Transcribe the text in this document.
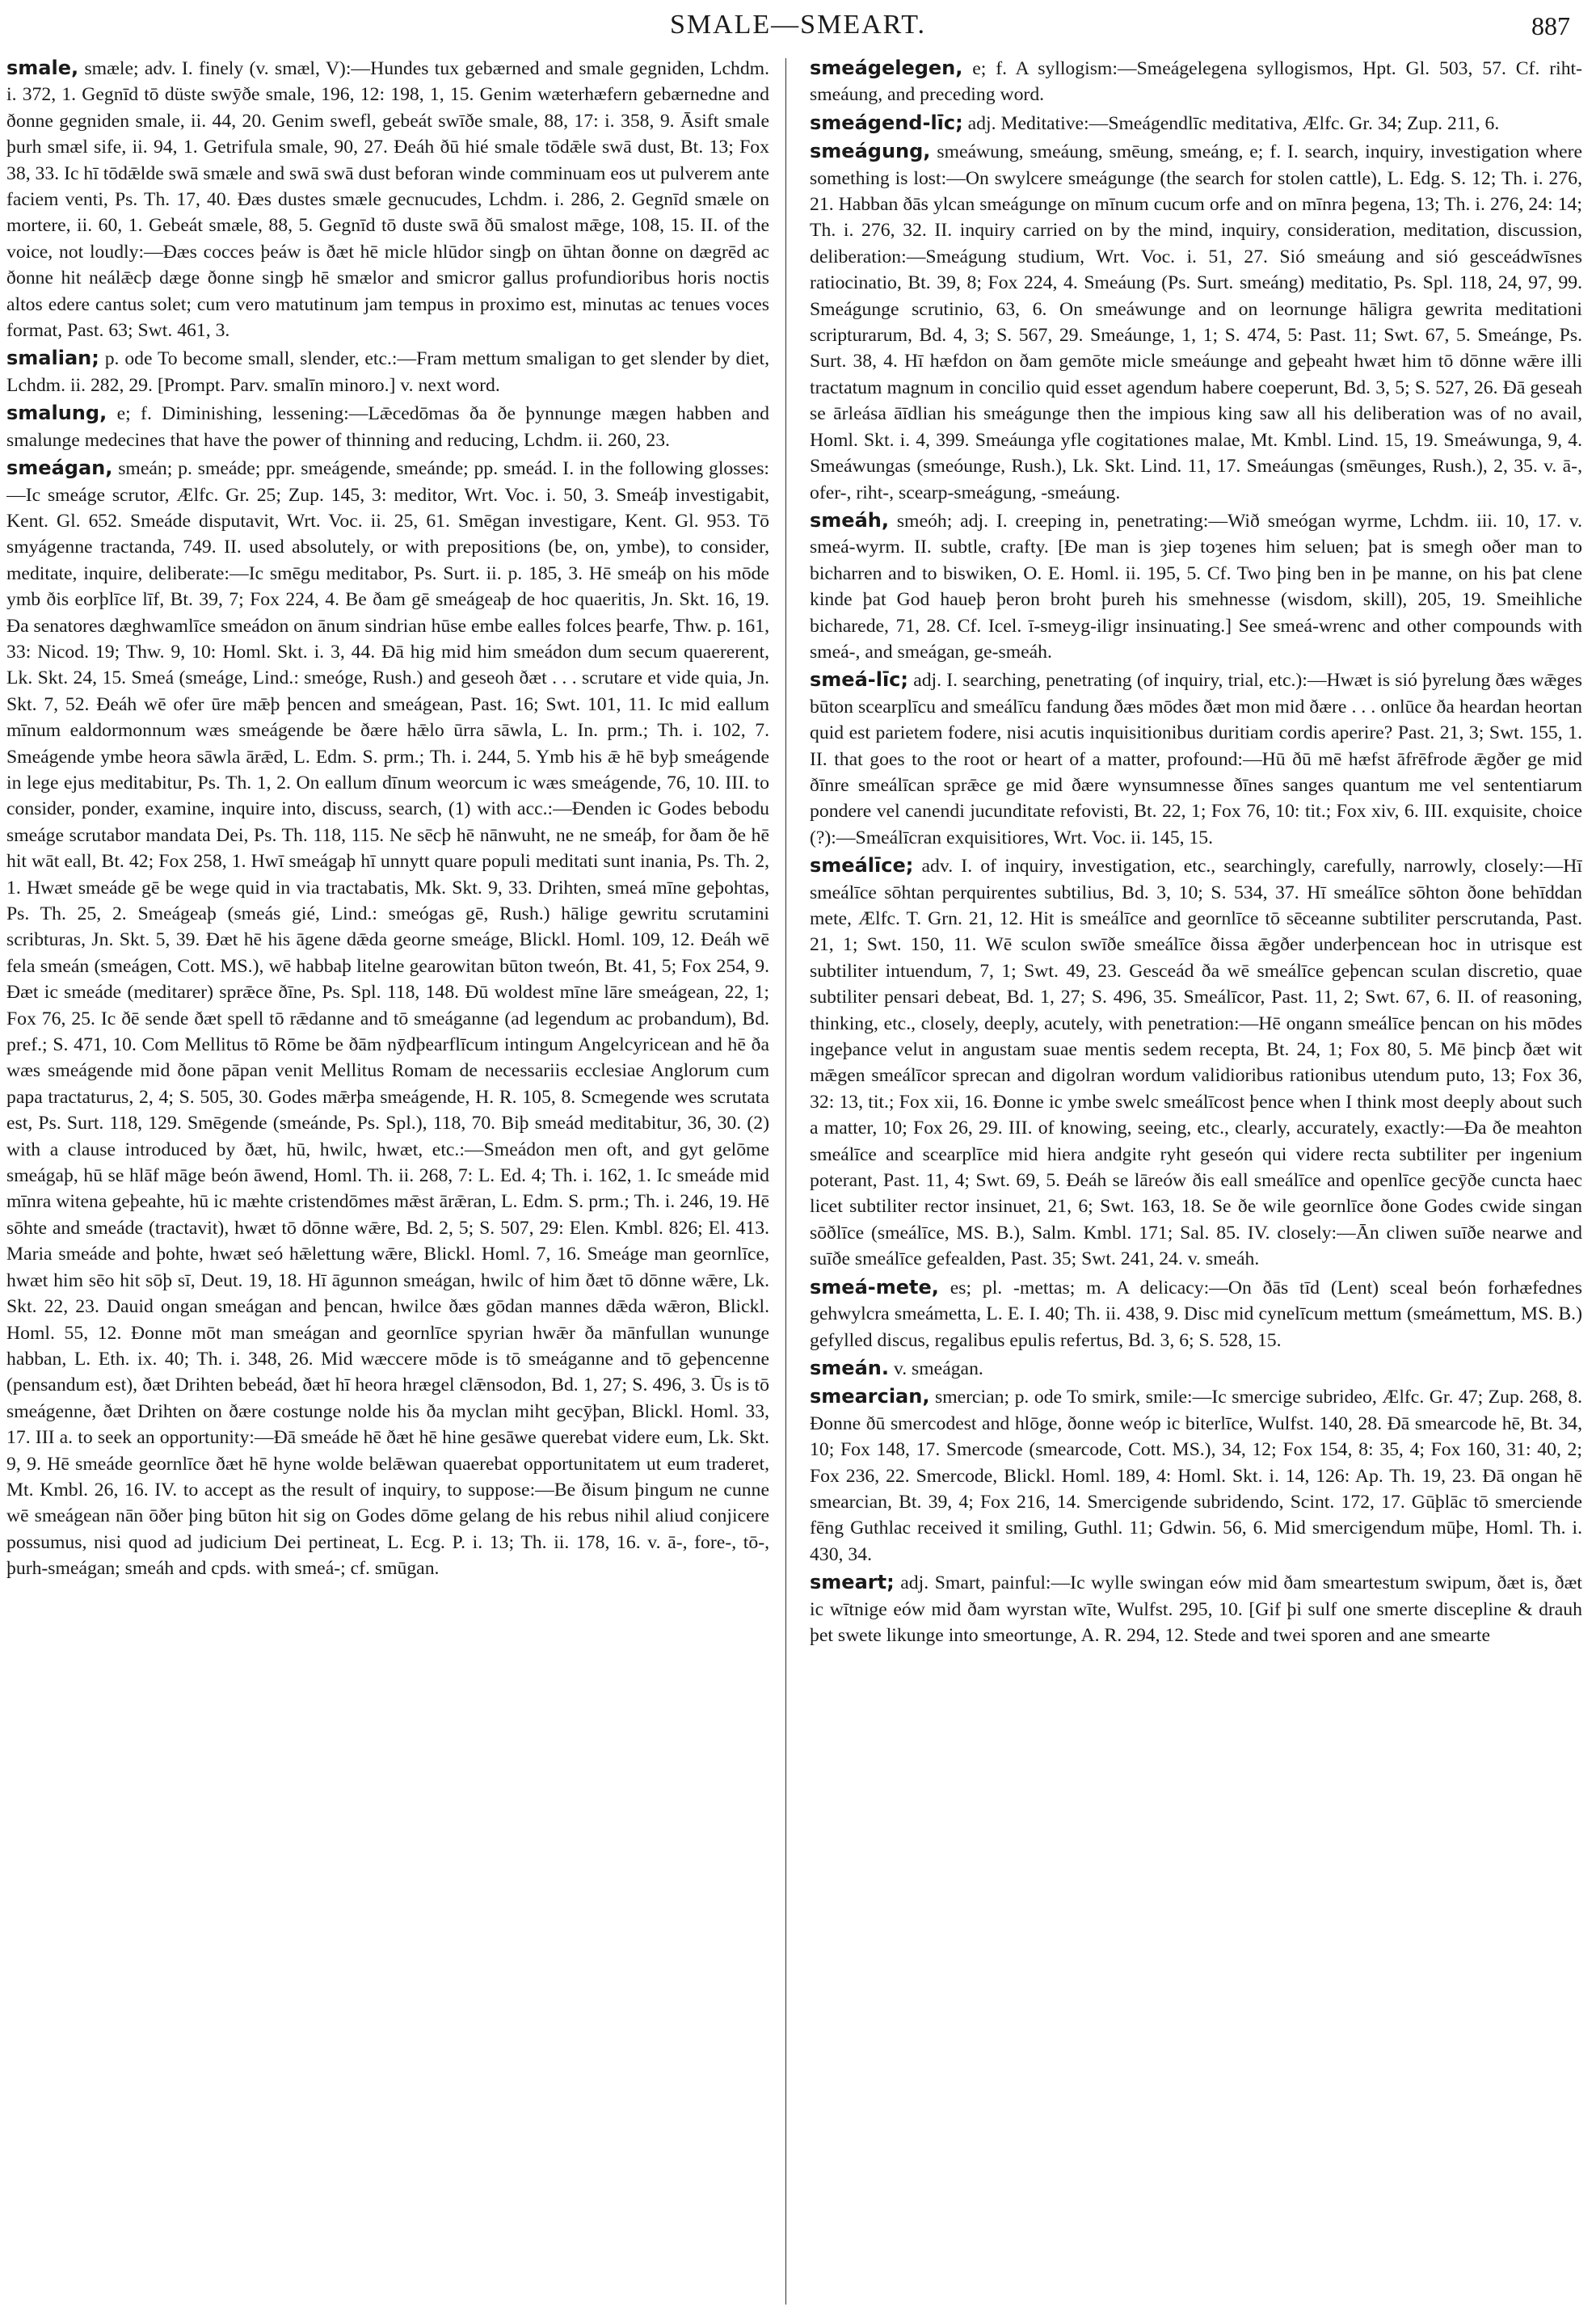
SMALE—SMEART.	887

smale, smæle; adv. I. finely (v. smæl, V):—Hundes tux gebærned and smale gegniden, Lchdm. i. 372, 1. Gegnīd tō düste swȳðe smale, 196, 12: 198, 1, 15. Genim wæterhæfern gebærnedne and ðonne gegniden smale, ii. 44, 20. Genim swefl, gebeát swīðe smale, 88, 17: i. 358, 9. Āsift smale þurh smæl sife, ii. 94, 1. Getrifula smale, 90, 27. Ðeáh ðū hié smale tōdǣle swā dust, Bt. 13; Fox 38, 33. Ic hī tōdǣlde swā smæle and swā swā dust beforan winde comminuam eos ut pulverem ante faciem venti, Ps. Th. 17, 40. Ðæs dustes smæle gecnucudes, Lchdm. i. 286, 2. Gegnīd smæle on mortere, ii. 60, 1. Gebeát smæle, 88, 5. Gegnīd tō duste swā ðū smalost mǣge, 108, 15. II. of the voice, not loudly:—Ðæs cocces þeáw is ðæt hē micle hlūdor singþ on ūhtan ðonne on dægrēd ac ðonne hit neálǣcþ dæge ðonne singþ hē smælor and smicror gallus profundioribus horis noctis altos edere cantus solet; cum vero matutinum jam tempus in proximo est, minutas ac tenues voces format, Past. 63; Swt. 461, 3.

smalian; p. ode To become small, slender, etc.:—Fram mettum smaligan to get slender by diet, Lchdm. ii. 282, 29. [Prompt. Parv. smalīn minoro.] v. next word.

smalung, e; f. Diminishing, lessening:—Lǣcedōmas ða ðe þynnunge mægen habben and smalunge medecines that have the power of thinning and reducing, Lchdm. ii. 260, 23.

smeágan, smeán; p. smeáde; ppr. smeágende, smeánde; pp. smeád. I. in the following glosses:—Ic smeáge scrutor, Ælfc. Gr. 25; Zup. 145, 3: meditor, Wrt. Voc. i. 50, 3. Smeáþ investigabit, Kent. Gl. 652. Smeáde disputavit, Wrt. Voc. ii. 25, 61. Smēgan investigare, Kent. Gl. 953. Tō smyágenne tractanda, 749. II. used absolutely, or with prepositions (be, on, ymbe), to consider, meditate, inquire, deliberate:—Ic smēgu meditabor, Ps. Surt. ii. p. 185, 3. Hē smeáþ on his mōde ymb ðis eorþlīce līf, Bt. 39, 7; Fox 224, 4. Be ðam gē smeágeaþ de hoc quaeritis, Jn. Skt. 16, 19. Ða senatores dæghwamlīce smeádon on ānum sindrian hūse embe ealles folces þearfe, Thw. p. 161, 33: Nicod. 19; Thw. 9, 10: Homl. Skt. i. 3, 44. Ðā hig mid him smeádon dum secum quaererent, Lk. Skt. 24, 15. Smeá (smeáge, Lind.: smeóge, Rush.) and geseoh ðæt . . . scrutare et vide quia, Jn. Skt. 7, 52. Ðeáh wē ofer ūre mǣþ þencen and smeágean, Past. 16; Swt. 101, 11. Ic mid eallum mīnum ealdormonnum wæs smeágende be ðære hǣlo ūrra sāwla, L. In. prm.; Th. i. 102, 7. Smeágende ymbe heora sāwla ārǣd, L. Edm. S. prm.; Th. i. 244, 5. Ymb his ǣ hē byþ smeágende in lege ejus meditabitur, Ps. Th. 1, 2. On eallum dīnum weorcum ic wæs smeágende, 76, 10. III. to consider, ponder, examine, inquire into, discuss, search, (1) with acc.:—Ðenden ic Godes bebodu smeáge scrutabor mandata Dei, Ps. Th. 118, 115. Ne sēcþ hē nānwuht, ne ne smeáþ, for ðam ðe hē hit wāt eall, Bt. 42; Fox 258, 1. Hwī smeágaþ hī unnytt quare populi meditati sunt inania, Ps. Th. 2, 1. Hwæt smeáde gē be wege quid in via tractabatis, Mk. Skt. 9, 33. Drihten, smeá mīne geþohtas, Ps. Th. 25, 2. Smeágeaþ (smeás gié, Lind.: smeógas gē, Rush.) hālige gewritu scrutamini scribturas, Jn. Skt. 5, 39. Ðæt hē his āgene dǣda georne smeáge, Blickl. Homl. 109, 12. Ðeáh wē fela smeán (smeágen, Cott. MS.), wē habbaþ litelne gearowitan būton tweón, Bt. 41, 5; Fox 254, 9. Ðæt ic smeáde (meditarer) sprǣce ðīne, Ps. Spl. 118, 148. Ðū woldest mīne lāre smeágean, 22, 1; Fox 76, 25. Ic ðē sende ðæt spell tō rǣdanne and tō smeáganne (ad legendum ac probandum), Bd. pref.; S. 471, 10. Com Mellitus tō Rōme be ðām nȳdþearflīcum intingum Angelcyricean and hē ða wæs smeágende mid ðone pāpan venit Mellitus Romam de necessariis ecclesiae Anglorum cum papa tractaturus, 2, 4; S. 505, 30. Godes mǣrþa smeágende, H. R. 105, 8. Scmegende wes scrutata est, Ps. Surt. 118, 129. Smēgende (smeánde, Ps. Spl.), 118, 70. Biþ smeád meditabitur, 36, 30. (2) with a clause introduced by ðæt, hū, hwilc, hwæt, etc.:—Smeádon men oft, and gyt gelōme smeágaþ, hū se hlāf māge beón āwend, Homl. Th. ii. 268, 7: L. Ed. 4; Th. i. 162, 1. Ic smeáde mid mīnra witena geþeahte, hū ic mæhte cristendōmes mǣst ārǣran, L. Edm. S. prm.; Th. i. 246, 19. Hē sōhte and smeáde (tractavit), hwæt tō dōnne wǣre, Bd. 2, 5; S. 507, 29: Elen. Kmbl. 826; El. 413. Maria smeáde and þohte, hwæt seó hǣlettung wǣre, Blickl. Homl. 7, 16. Smeáge man geornlīce, hwæt him sēo hit sōþ sī, Deut. 19, 18. Hī āgunnon smeágan, hwilc of him ðæt tō dōnne wǣre, Lk. Skt. 22, 23. Dauid ongan smeágan and þencan, hwilce ðæs gōdan mannes dǣda wǣron, Blickl. Homl. 55, 12. Ðonne mōt man smeágan and geornlīce spyrian hwǣr ða mānfullan wununge habban, L. Eth. ix. 40; Th. i. 348, 26. Mid wæccere mōde is tō smeáganne and tō geþencenne (pensandum est), ðæt Drihten bebeád, ðæt hī heora hrægel clǣnsodon, Bd. 1, 27; S. 496, 3. Ūs is tō smeágenne, ðæt Drihten on ðære costunge nolde his ða myclan miht gecȳþan, Blickl. Homl. 33, 17. III a. to seek an opportunity:—Ðā smeáde hē ðæt hē hine gesāwe querebat videre eum, Lk. Skt. 9, 9. Hē smeáde geornlīce ðæt hē hyne wolde belǣwan quaerebat opportunitatem ut eum traderet, Mt. Kmbl. 26, 16. IV. to accept as the result of inquiry, to suppose:—Be ðisum þingum ne cunne wē smeágean nān ōðer þing būton hit sig on Godes dōme gelang de his rebus nihil aliud conjicere possumus, nisi quod ad judicium Dei pertineat, L. Ecg. P. i. 13; Th. ii. 178, 16. v. ā-, fore-, tō-, þurh-smeágan; smeáh and cpds. with smeá-; cf. smūgan.

smeágelegen, e; f. A syllogism:—Smeágelegena syllogismos, Hpt. Gl. 503, 57. Cf. riht-smeáung, and preceding word.

smeágend-līc; adj. Meditative:—Smeágendlīc meditativa, Ælfc. Gr. 34; Zup. 211, 6.

smeágung, smeáwung, smeáung, smēung, smeáng, e; f. I. search, inquiry, investigation where something is lost:—On swylcere smeágunge (the search for stolen cattle), L. Edg. S. 12; Th. i. 276, 21. Habban ðās ylcan smeágunge on mīnum cucum orfe and on mīnra þegena, 13; Th. i. 276, 24: 14; Th. i. 276, 32. II. inquiry carried on by the mind, inquiry, consideration, meditation, discussion, deliberation:—Smeágung studium, Wrt. Voc. i. 51, 27. Sió smeáung and sió gesceádwīsnes ratiocinatio, Bt. 39, 8; Fox 224, 4. Smeáung (Ps. Surt. smeáng) meditatio, Ps. Spl. 118, 24, 97, 99. Smeágunge scrutinio, 63, 6. On smeáwunge and on leornunge hāligra gewrita meditationi scripturarum, Bd. 4, 3; S. 567, 29. Smeáunge, 1, 1; S. 474, 5: Past. 11; Swt. 67, 5. Smeánge, Ps. Surt. 38, 4. Hī hæfdon on ðam gemōte micle smeáunge and geþeaht hwæt him tō dōnne wǣre illi tractatum magnum in concilio quid esset agendum habere coeperunt, Bd. 3, 5; S. 527, 26. Ðā geseah se ārleása āīdlian his smeágunge then the impious king saw all his deliberation was of no avail, Homl. Skt. i. 4, 399. Smeáunga yfle cogitationes malae, Mt. Kmbl. Lind. 15, 19. Smeáwunga, 9, 4. Smeáwungas (smeóunge, Rush.), Lk. Skt. Lind. 11, 17. Smeáungas (smēunges, Rush.), 2, 35. v. ā-, ofer-, riht-, scearp-smeágung, -smeáung.

smeáh, smeóh; adj. I. creeping in, penetrating:—Wið smeógan wyrme, Lchdm. iii. 10, 17. v. smeá-wyrm. II. subtle, crafty. [Ðe man is ȝiep toȝenes him seluen; þat is smegh oðer man to bicharren and to biswiken, O. E. Homl. ii. 195, 5. Cf. Two þing ben in þe manne, on his þat clene kinde þat God haueþ þeron broht þureh his smehnesse (wisdom, skill), 205, 19. Smeihliche bicharede, 71, 28. Cf. Icel. ī-smeyg-iligr insinuating.] See smeá-wrenc and other compounds with smeá-, and smeágan, ge-smeáh.

smeá-līc; adj. I. searching, penetrating (of inquiry, trial, etc.):—Hwæt is sió þyrelung ðæs wǣges būton scearplīcu and smeálīcu fandung ðæs mōdes ðæt mon mid ðære . . . onlūce ða heardan heortan quid est parietem fodere, nisi acutis inquisitionibus duritiam cordis aperire? Past. 21, 3; Swt. 155, 1. II. that goes to the root or heart of a matter, profound:—Hū ðū mē hæfst āfrēfrode ǣgðer ge mid ðīnre smeálīcan sprǣce ge mid ðære wynsumnesse ðīnes sanges quantum me vel sententiarum pondere vel canendi jucunditate refovisti, Bt. 22, 1; Fox 76, 10: tit.; Fox xiv, 6. III. exquisite, choice (?):—Smeálīcran exquisitiores, Wrt. Voc. ii. 145, 15.

smeálīce; adv. I. of inquiry, investigation, etc., searchingly, carefully, narrowly, closely:—Hī smeálīce sōhtan perquirentes subtilius, Bd. 3, 10; S. 534, 37. Hī smeálīce sōhton ðone behīddan mete, Ælfc. T. Grn. 21, 12. Hit is smeálīce and geornlīce tō sēceanne subtiliter perscrutanda, Past. 21, 1; Swt. 150, 11. Wē sculon swīðe smeálīce ðissa ǣgðer underþencean hoc in utrisque est subtiliter intuendum, 7, 1; Swt. 49, 23. Gesceád ða wē smeálīce geþencan sculan discretio, quae subtiliter pensari debeat, Bd. 1, 27; S. 496, 35. Smeálīcor, Past. 11, 2; Swt. 67, 6. II. of reasoning, thinking, etc., closely, deeply, acutely, with penetration:—Hē ongann smeálīce þencan on his mōdes ingeþance velut in angustam suae mentis sedem recepta, Bt. 24, 1; Fox 80, 5. Mē þincþ ðæt wit mǣgen smeálīcor sprecan and digolran wordum validioribus rationibus utendum puto, 13; Fox 36, 32: 13, tit.; Fox xii, 16. Ðonne ic ymbe swelc smeálīcost þence when I think most deeply about such a matter, 10; Fox 26, 29. III. of knowing, seeing, etc., clearly, accurately, exactly:—Ða ðe meahton smeálīce and scearplīce mid hiera andgite ryht geseón qui videre recta subtiliter per ingenium poterant, Past. 11, 4; Swt. 69, 5. Ðeáh se lāreów ðis eall smeálīce and openlīce gecȳðe cuncta haec licet subtiliter rector insinuet, 21, 6; Swt. 163, 18. Se ðe wile geornlīce ðone Godes cwide singan sōðlīce (smeálīce, MS. B.), Salm. Kmbl. 171; Sal. 85. IV. closely:—Ān cliwen suīðe nearwe and suīðe smeálīce gefealden, Past. 35; Swt. 241, 24. v. smeáh.

smeá-mete, es; pl. -mettas; m. A delicacy:—On ðās tīd (Lent) sceal beón forhæfednes gehwylcra smeámetta, L. E. I. 40; Th. ii. 438, 9. Disc mid cynelīcum mettum (smeámettum, MS. B.) gefylled discus, regalibus epulis refertus, Bd. 3, 6; S. 528, 15.

smeán. v. smeágan.

smearcian, smercian; p. ode To smirk, smile:—Ic smercige subrideo, Ælfc. Gr. 47; Zup. 268, 8. Ðonne ðū smercodest and hlōge, ðonne weóp ic biterlīce, Wulfst. 140, 28. Ðā smearcode hē, Bt. 34, 10; Fox 148, 17. Smercode (smearcode, Cott. MS.), 34, 12; Fox 154, 8: 35, 4; Fox 160, 31: 40, 2; Fox 236, 22. Smercode, Blickl. Homl. 189, 4: Homl. Skt. i. 14, 126: Ap. Th. 19, 23. Ðā ongan hē smearcian, Bt. 39, 4; Fox 216, 14. Smercigende subridendo, Scint. 172, 17. Gūþlāc tō smerciende fēng Guthlac received it smiling, Guthl. 11; Gdwin. 56, 6. Mid smercigendum mūþe, Homl. Th. i. 430, 34.

smeart; adj. Smart, painful:—Ic wylle swingan eów mid ðam smeartestum swipum, ðæt is, ðæt ic wītnige eów mid ðam wyrstan wīte, Wulfst. 295, 10. [Gif þi sulf one smerte discepline & drauh þet swete likunge into smeortunge, A. R. 294, 12. Stede and twei sporen and ane smearte
